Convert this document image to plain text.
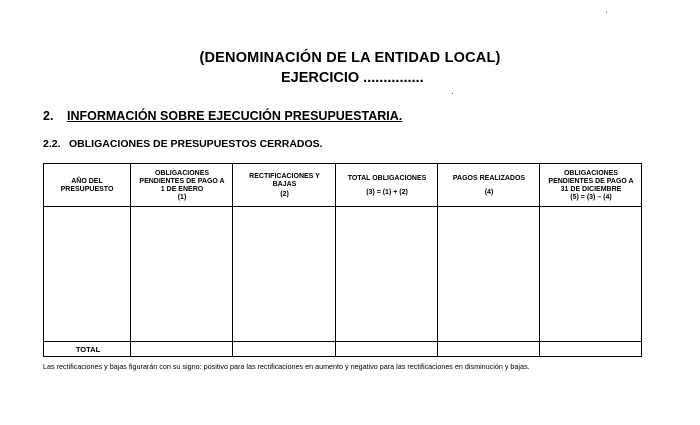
(DENOMINACIÓN DE LA ENTIDAD LOCAL)
EJERCICIO ...............
2. INFORMACIÓN SOBRE EJECUCIÓN PRESUPUESTARIA.
2.2. OBLIGACIONES DE PRESUPUESTOS CERRADOS.
AÑO DEL
PRESUPUESTO
OBLIGACIONES
PENDIENTES DE PAGO A
1 DE ENERO
(1)
RECTIFICACIONES Y
BAJAS
(2)
TOTAL OBLIGACIONES
(3) = (1) + (2)
PAGOS REALIZADOS
(4)
OBLIGACIONES
PENDIENTES DE PAGO A
31 DE DICIEMBRE
(5) = (3) – (4)
TOTAL
Las rectificaciones y bajas figurarán con su signo: positivo para las rectificaciones en aumento y negativo para las rectificaciones en disminución y bajas.
